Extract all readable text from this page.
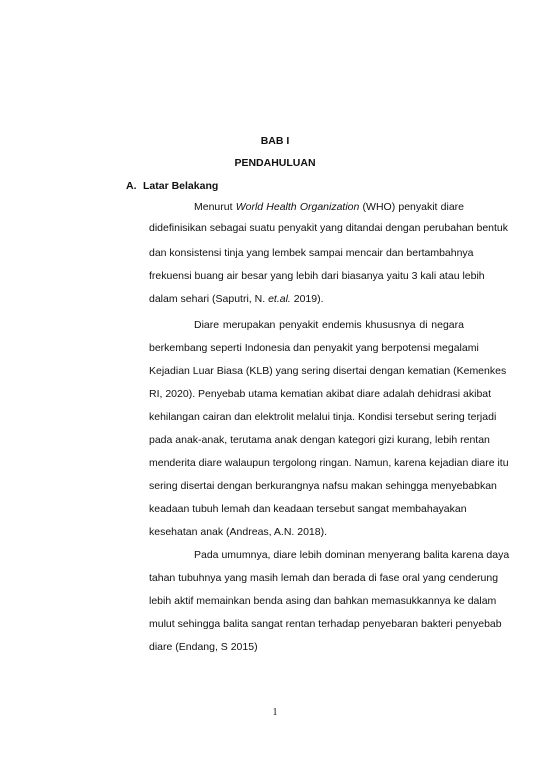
BAB I
PENDAHULUAN
A. Latar Belakang
Menurut World Health Organization (WHO) penyakit diare
didefinisikan sebagai suatu penyakit yang ditandai dengan perubahan bentuk
dan konsistensi tinja yang lembek sampai mencair dan bertambahnya
frekuensi buang air besar yang lebih dari biasanya yaitu 3 kali atau lebih
dalam sehari (Saputri, N. et.al. 2019).
Diare merupakan penyakit endemis khususnya di negara
berkembang seperti Indonesia dan penyakit yang berpotensi megalami
Kejadian Luar Biasa (KLB) yang sering disertai dengan kematian (Kemenkes
RI, 2020). Penyebab utama kematian akibat diare adalah dehidrasi akibat
kehilangan cairan dan elektrolit melalui tinja. Kondisi tersebut sering terjadi
pada anak-anak, terutama anak dengan kategori gizi kurang, lebih rentan
menderita diare walaupun tergolong ringan. Namun, karena kejadian diare itu
sering disertai dengan berkurangnya nafsu makan sehingga menyebabkan
keadaan tubuh lemah dan keadaan tersebut sangat membahayakan
kesehatan anak (Andreas, A.N. 2018).
Pada umumnya, diare lebih dominan menyerang balita karena daya
tahan tubuhnya yang masih lemah dan berada di fase oral yang cenderung
lebih aktif memainkan benda asing dan bahkan memasukkannya ke dalam
mulut sehingga balita sangat rentan terhadap penyebaran bakteri penyebab
diare (Endang, S 2015)
1
